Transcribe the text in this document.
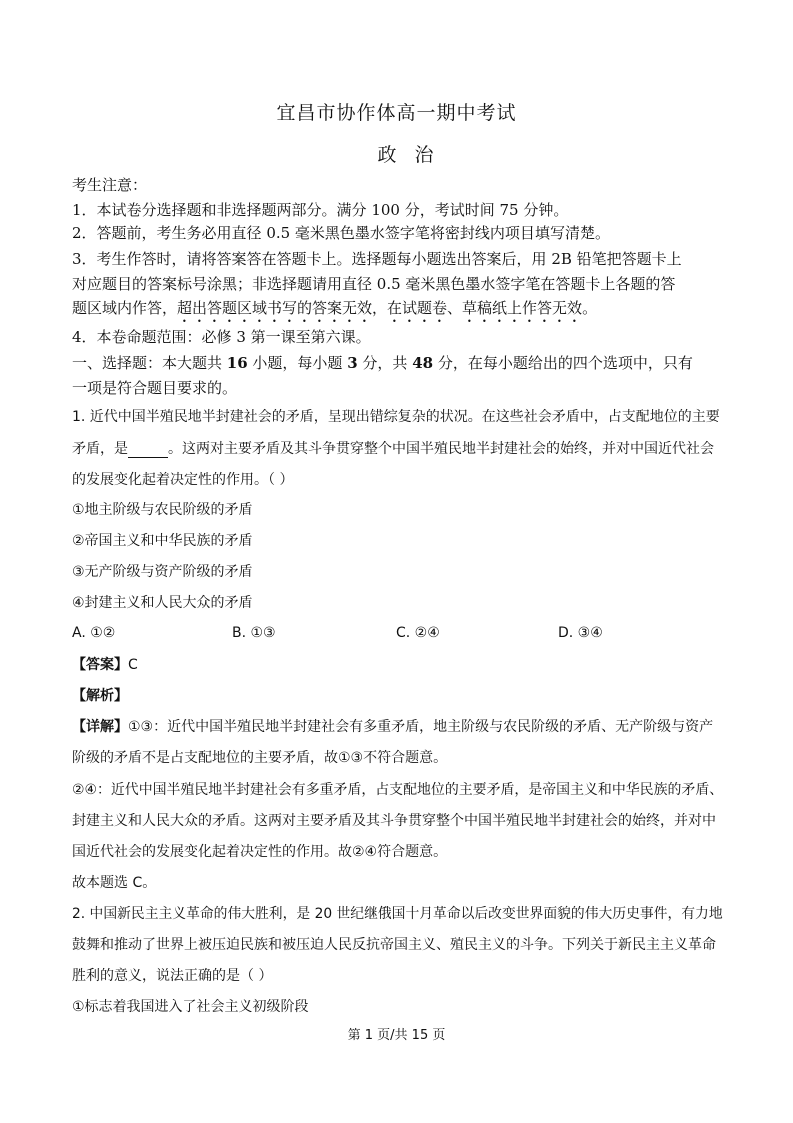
宜昌市协作体高一期中考试
政治
考生注意：
1．本试卷分选择题和非选择题两部分。满分 100 分，考试时间 75 分钟。
2．答题前，考生务必用直径 0.5 毫米黑色墨水签字笔将密封线内项目填写清楚。
3．考生作答时，请将答案答在答题卡上。选择题每小题选出答案后，用 2B 铅笔把答题卡上
对应题目的答案标号涂黑；非选择题请用直径 0.5 毫米黑色墨水签字笔在答题卡上各题的答
题区域内作答，超出答题区域书写的答案无效，在试题卷、草稿纸上作答无效。
4．本卷命题范围：必修 3 第一课至第六课。
一、选择题：本大题共 16 小题，每小题 3 分，共 48 分，在每小题给出的四个选项中，只有
一项是符合题目要求的。
1. 近代中国半殖民地半封建社会的矛盾，呈现出错综复杂的状况。在这些社会矛盾中，占支配地位的主要
矛盾，是	。这两对主要矛盾及其斗争贯穿整个中国半殖民地半封建社会的始终，并对中国近代社会
的发展变化起着决定性的作用。（ ）
①地主阶级与农民阶级的矛盾
②帝国主义和中华民族的矛盾
③无产阶级与资产阶级的矛盾
④封建主义和人民大众的矛盾
A. ①②	B. ①③	C. ②④	D. ③④
【答案】C
【解析】
【详解】①③：近代中国半殖民地半封建社会有多重矛盾，地主阶级与农民阶级的矛盾、无产阶级与资产
阶级的矛盾不是占支配地位的主要矛盾，故①③不符合题意。
②④：近代中国半殖民地半封建社会有多重矛盾，占支配地位的主要矛盾，是帝国主义和中华民族的矛盾、
封建主义和人民大众的矛盾。这两对主要矛盾及其斗争贯穿整个中国半殖民地半封建社会的始终，并对中
国近代社会的发展变化起着决定性的作用。故②④符合题意。
故本题选 C。
2. 中国新民主主义革命的伟大胜利，是 20 世纪继俄国十月革命以后改变世界面貌的伟大历史事件，有力地
鼓舞和推动了世界上被压迫民族和被压迫人民反抗帝国主义、殖民主义的斗争。下列关于新民主主义革命
胜利的意义，说法正确的是（ ）
①标志着我国进入了社会主义初级阶段
第 1 页/共 15 页
